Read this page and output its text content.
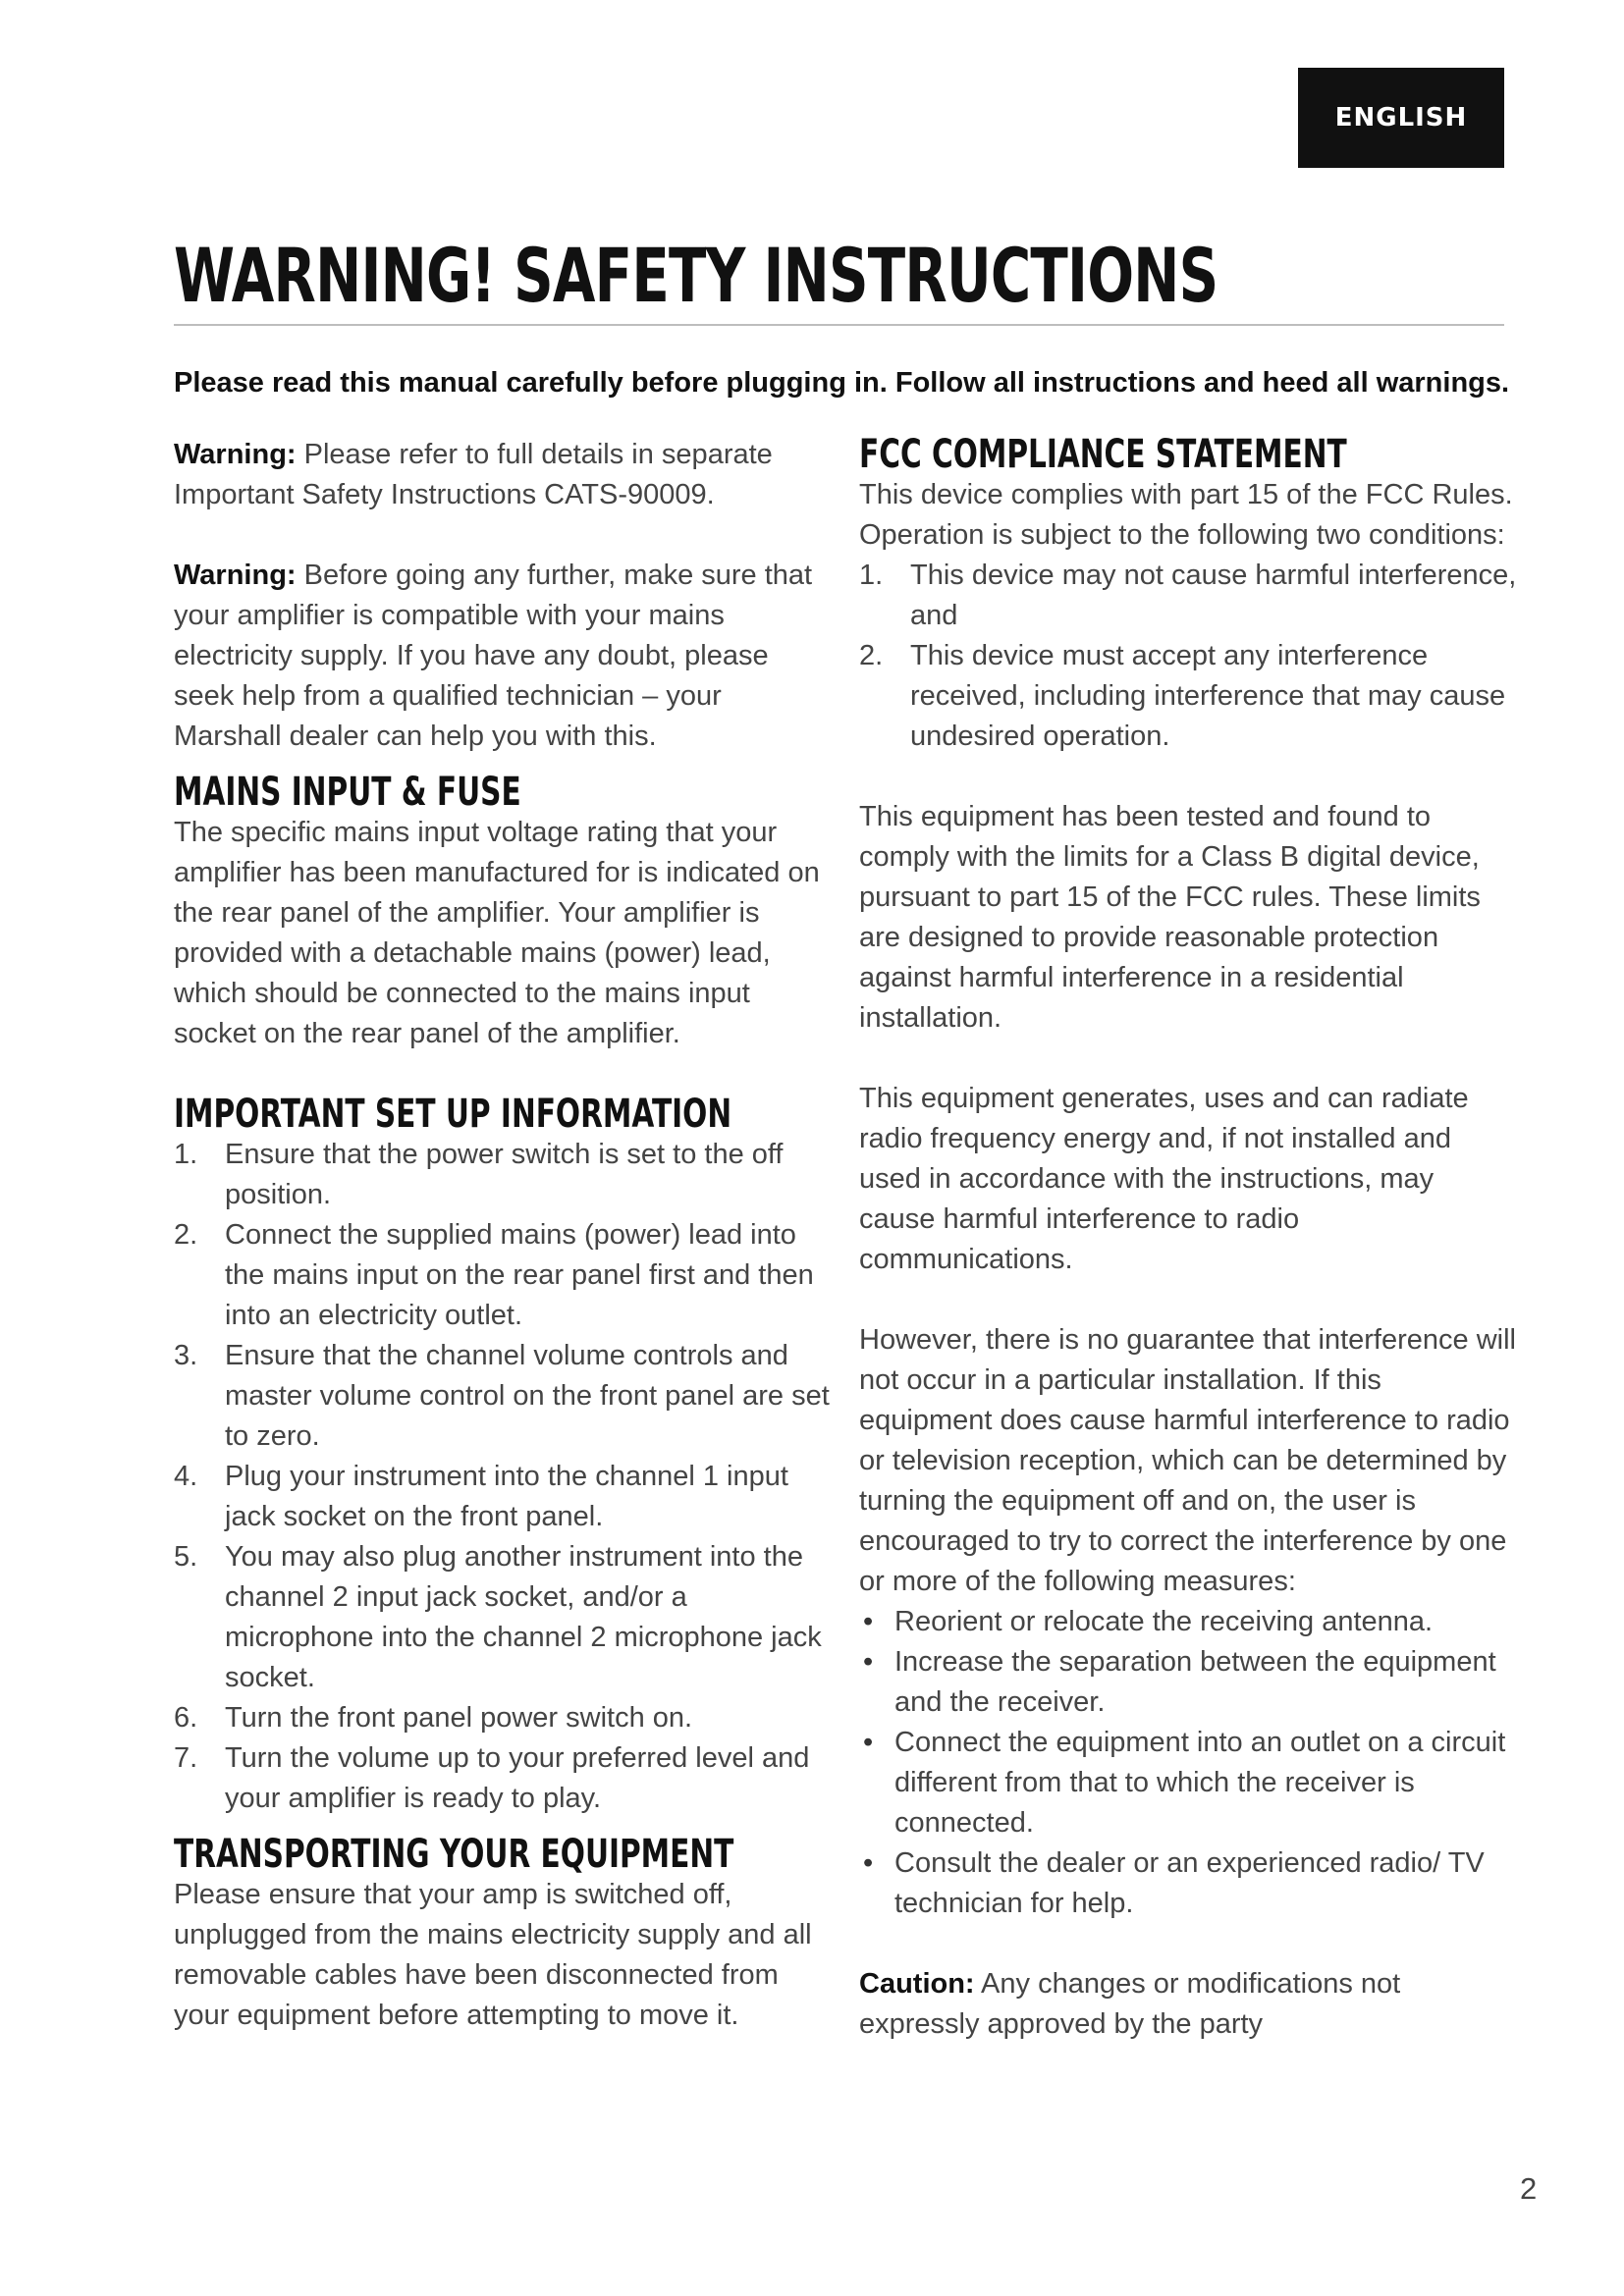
ENGLISH
WARNING! SAFETY INSTRUCTIONS

Please read this manual carefully before plugging in. Follow all instructions and heed all warnings.

Warning: Please refer to full details in separate Important Safety Instructions CATS-90009.

Warning: Before going any further, make sure that your amplifier is compatible with your mains electricity supply. If you have any doubt, please seek help from a qualified technician – your Marshall dealer can help you with this.

MAINS INPUT & FUSE

The specific mains input voltage rating that your amplifier has been manufactured for is indicated on the rear panel of the amplifier. Your amplifier is provided with a detachable mains (power) lead, which should be connected to the mains input socket on the rear panel of the amplifier.

IMPORTANT SET UP INFORMATION
1. Ensure that the power switch is set to the off position.
2. Connect the supplied mains (power) lead into the mains input on the rear panel first and then into an electricity outlet.
3. Ensure that the channel volume controls and master volume control on the front panel are set to zero.
4. Plug your instrument into the channel 1 input jack socket on the front panel.
5. You may also plug another instrument into the channel 2 input jack socket, and/or a microphone into the channel 2 microphone jack socket.
6. Turn the front panel power switch on.
7. Turn the volume up to your preferred level and your amplifier is ready to play.
TRANSPORTING YOUR EQUIPMENT

Please ensure that your amp is switched off, unplugged from the mains electricity supply and all removable cables have been disconnected from your equipment before attempting to move it.

FCC COMPLIANCE STATEMENT

This device complies with part 15 of the FCC Rules. Operation is subject to the following two conditions:

1. This device may not cause harmful interference, and
2. This device must accept any interference received, including interference that may cause undesired operation.

This equipment has been tested and found to comply with the limits for a Class B digital device, pursuant to part 15 of the FCC rules. These limits are designed to provide reasonable protection against harmful interference in a residential installation.

This equipment generates, uses and can radiate radio frequency energy and, if not installed and used in accordance with the instructions, may cause harmful interference to radio communications.

However, there is no guarantee that interference will not occur in a particular installation. If this equipment does cause harmful interference to radio or television reception, which can be determined by turning the equipment off and on, the user is encouraged to try to correct the interference by one or more of the following measures:

• Reorient or relocate the receiving antenna.
• Increase the separation between the equipment and the receiver.
• Connect the equipment into an outlet on a circuit different from that to which the receiver is connected.
• Consult the dealer or an experienced radio/ TV technician for help.

Caution: Any changes or modifications not expressly approved by the party

2
